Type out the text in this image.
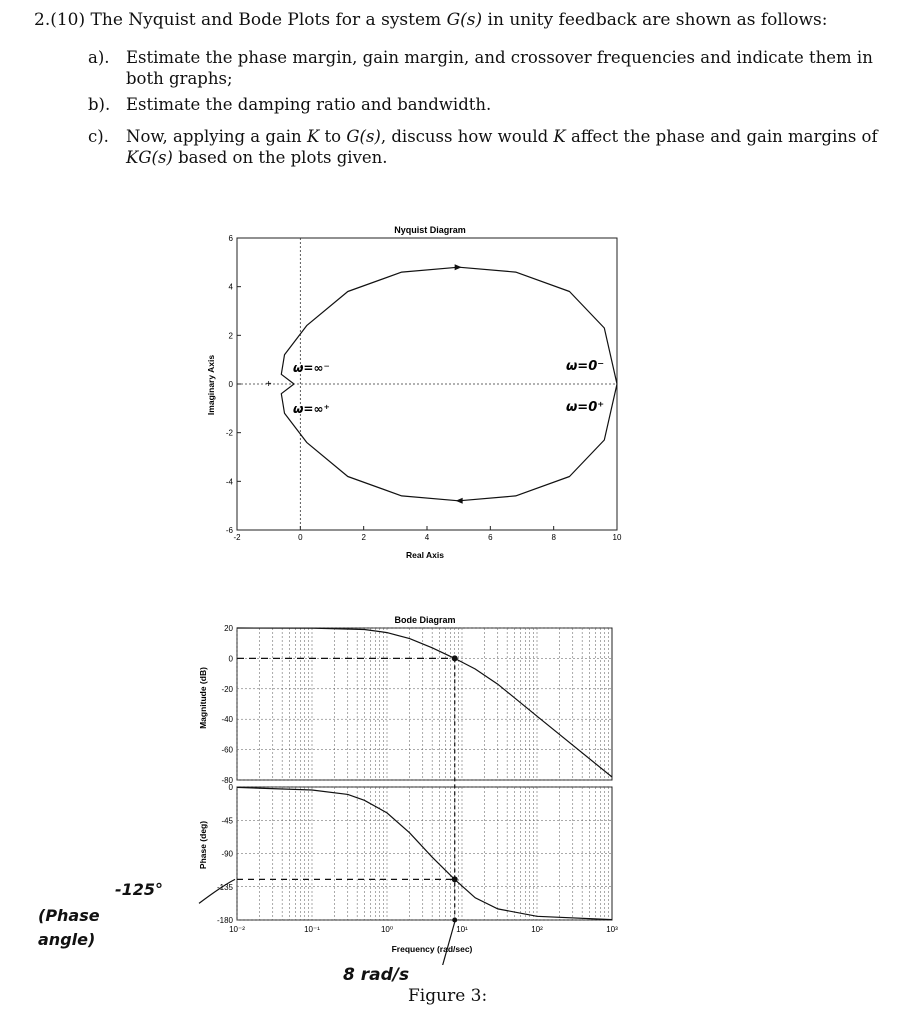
2.(10) The Nyquist and Bode Plots for a system G(s) in unity feedback are shown as follows:
a). Estimate the phase margin, gain margin, and crossover frequencies and indicate them in both graphs;
b). Estimate the damping ratio and bandwidth.
c). Now, applying a gain K to G(s), discuss how would K affect the phase and gain margins of KG(s) based on the plots given.
+
-2	0	2	4	6	8	10
-6
-4
-2
0
2
4
6
Nyquist Diagram
Real Axis
Imaginary Axis	ω=∞⁻
ω=∞⁺
ω=0⁻
ω=0⁺
20
0
-20
-40
-60
-80
0
-45
-90
-135
-180
10⁻²	10⁻¹	10⁰	10¹	10²	10³
Bode Diagram
Frequency (rad/sec)
Magnitude (dB)
Phase (deg)
-125°
(Phase angle)
8 rad/s
Figure 3:
